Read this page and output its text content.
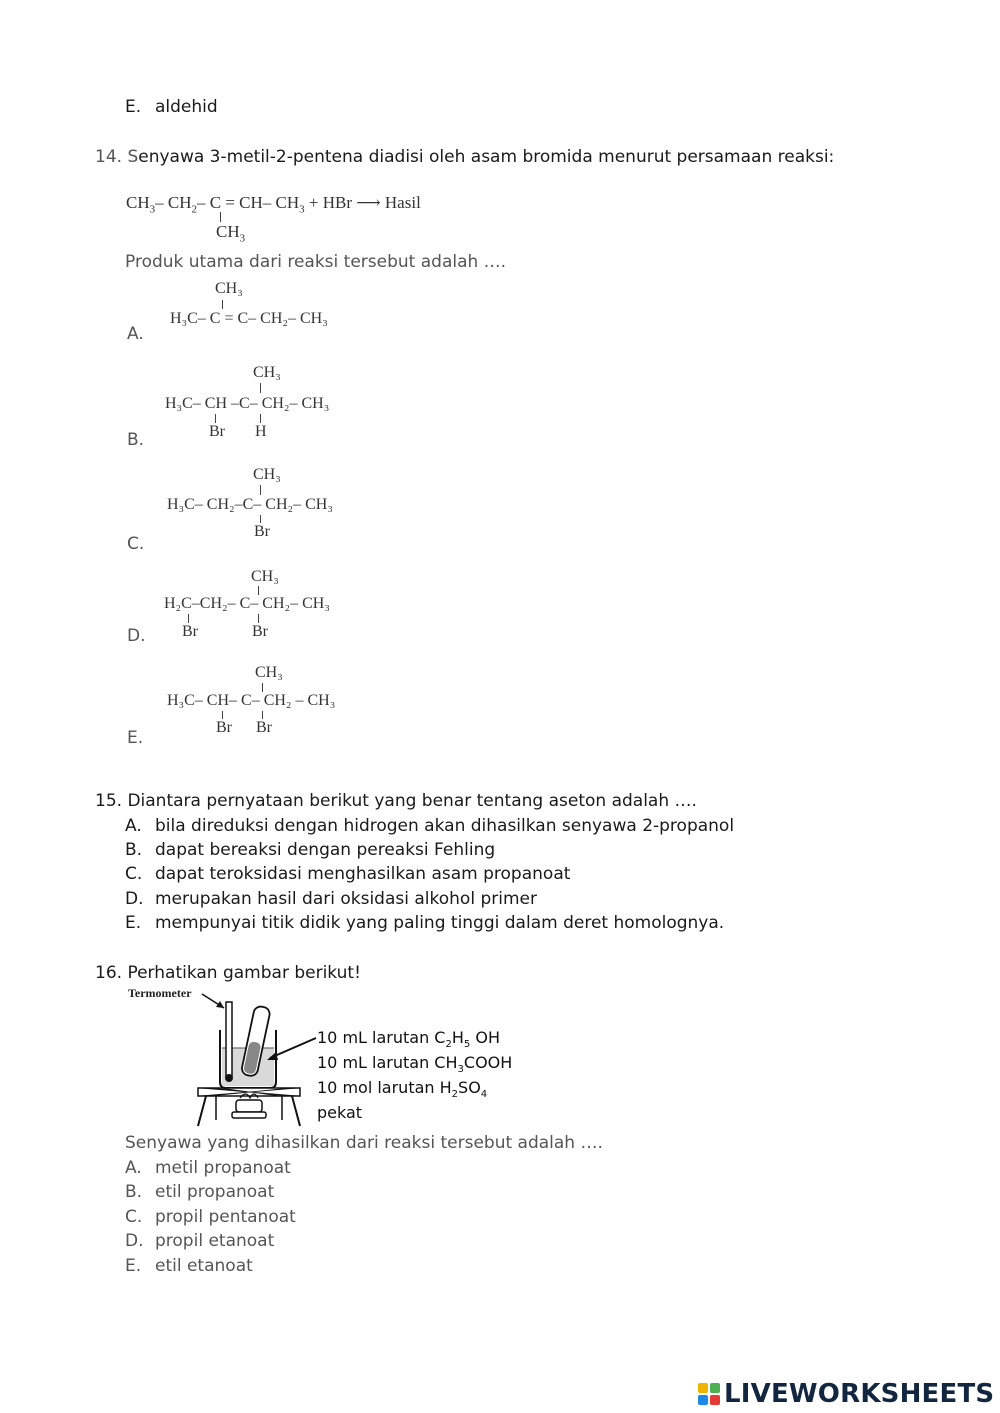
E. aldehid
14. Senyawa 3-metil-2-pentena diadisi oleh asam bromida menurut persamaan reaksi:
$CH_3-$ $CH_2-$ C = CH– $CH_3$ + HBr ⟶ Hasil
$CH_3$
Produk utama dari reaksi tersebut adalah ….
A.
CH₃
H₃C– C = C– CH₂– CH₃
B.
CH₃
H₃C– CH –C– CH₂– CH₃
Br H
C.
CH₃
H₃C– CH₂–C– CH₂– CH₃
Br
D.
CH₃
H₂C–CH₂– C– CH₂– CH₃
Br	Br
E.
CH₃
H₃C– CH– C– CH₂ – CH₃
Br Br
15. Diantara pernyataan berikut yang benar tentang aseton adalah ….
A. bila direduksi dengan hidrogen akan dihasilkan senyawa 2-propanol
B. dapat bereaksi dengan pereaksi Fehling
C. dapat teroksidasi menghasilkan asam propanoat
D. merupakan hasil dari oksidasi alkohol primer
E. mempunyai titik didik yang paling tinggi dalam deret homolognya.
16. Perhatikan gambar berikut!
Termometer
10 mL larutan $C_2H_5$ OH
10 mL larutan $CH_3COOH$
10 mol larutan $H_2SO_4$
pekat
Senyawa yang dihasilkan dari reaksi tersebut adalah ….
A. metil propanoat
B. etil propanoat
C. propil pentanoat
D. propil etanoat
E. etil etanoat
LIVEWORKSHEETS
